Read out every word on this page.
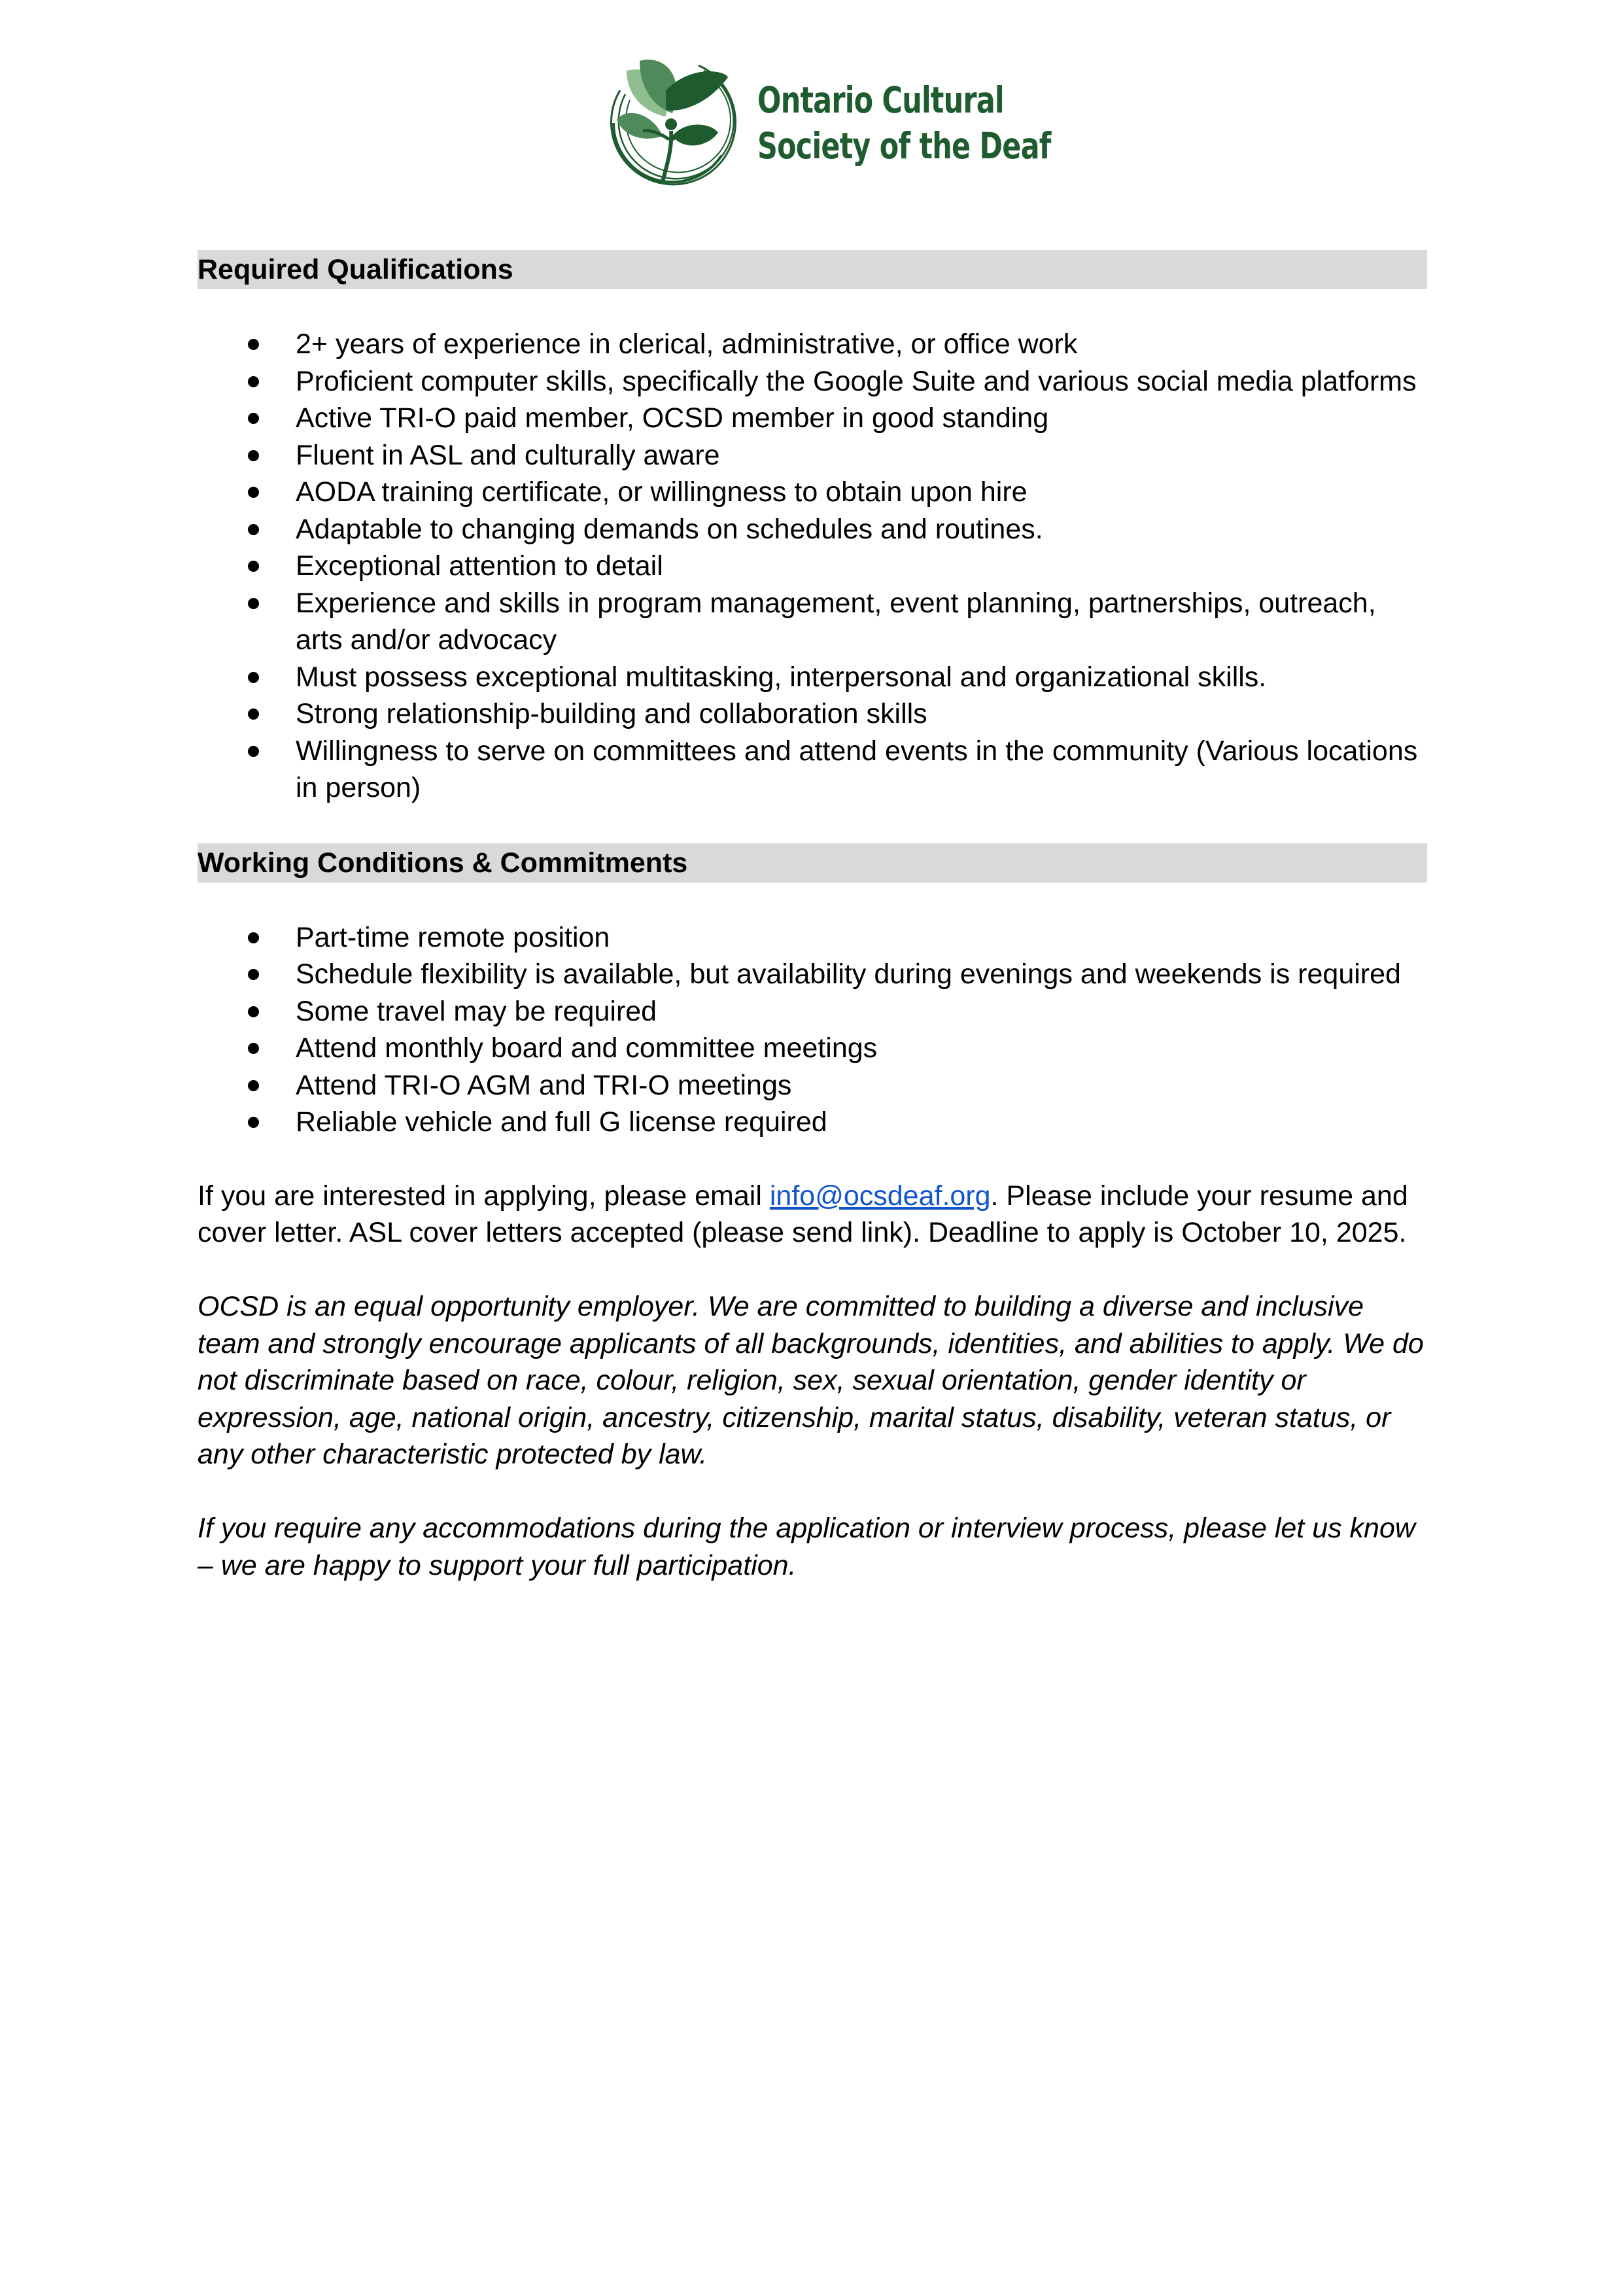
Ontario Cultural
Society of the Deaf
Required Qualifications
2+ years of experience in clerical, administrative, or office work
Proficient computer skills, specifically the Google Suite and various social media platforms
Active TRI-O paid member, OCSD member in good standing
Fluent in ASL and culturally aware
AODA training certificate, or willingness to obtain upon hire
Adaptable to changing demands on schedules and routines.
Exceptional attention to detail
Experience and skills in program management, event planning, partnerships, outreach, arts and/or advocacy
Must possess exceptional multitasking, interpersonal and organizational skills.
Strong relationship-building and collaboration skills
Willingness to serve on committees and attend events in the community (Various locations in person)
Working Conditions & Commitments
Part-time remote position
Schedule flexibility is available, but availability during evenings and weekends is required
Some travel may be required
Attend monthly board and committee meetings
Attend TRI-O AGM and TRI-O meetings
Reliable vehicle and full G license required

If you are interested in applying, please email info@ocsdeaf.org. Please include your resume and cover letter. ASL cover letters accepted (please send link). Deadline to apply is October 10, 2025.

OCSD is an equal opportunity employer. We are committed to building a diverse and inclusive team and strongly encourage applicants of all backgrounds, identities, and abilities to apply. We do not discriminate based on race, colour, religion, sex, sexual orientation, gender identity or expression, age, national origin, ancestry, citizenship, marital status, disability, veteran status, or any other characteristic protected by law.

If you require any accommodations during the application or interview process, please let us know – we are happy to support your full participation.
